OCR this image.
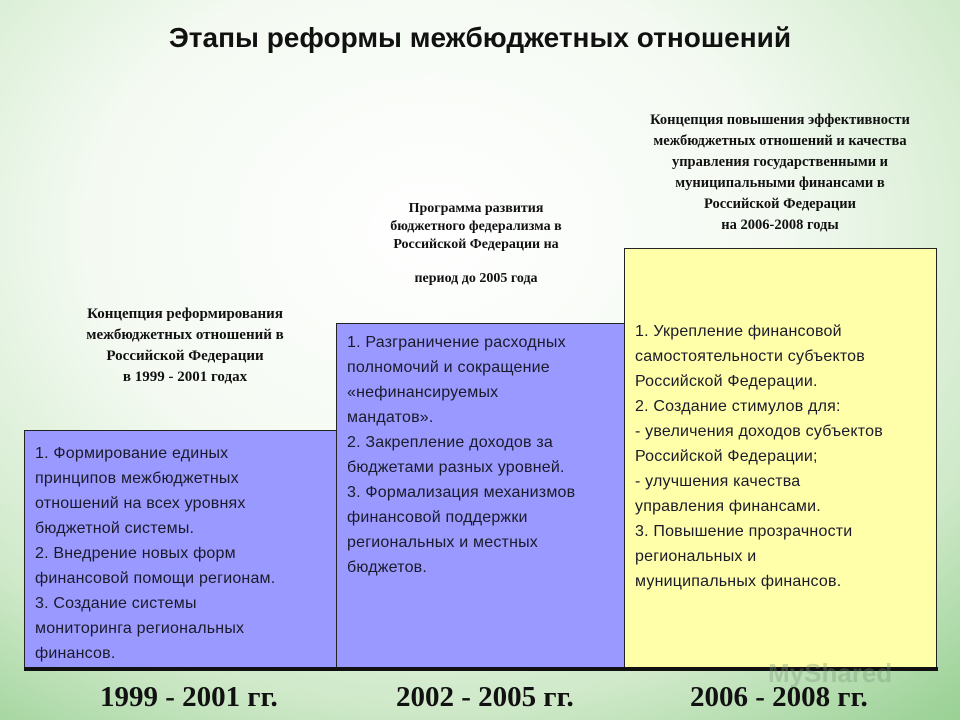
Этапы реформы межбюджетных отношений
Концепция реформирования
межбюджетных отношений в
Российской Федерации
в 1999 - 2001 годах
1. Формирование единых
принципов межбюджетных
отношений на всех уровнях
бюджетной системы.
2. Внедрение новых форм
финансовой помощи регионам.
3. Создание системы
мониторинга региональных
финансов.
Программа развития
бюджетного федерализма в
Российской Федерации на
период до 2005 года
1. Разграничение расходных
полномочий и сокращение
«нефинансируемых
мандатов».
2. Закрепление доходов за
бюджетами разных уровней.
3. Формализация механизмов
финансовой поддержки
региональных и местных
бюджетов.
Концепция повышения эффективности
межбюджетных отношений и качества
управления государственными и
муниципальными финансами в
Российской Федерации
на 2006-2008 годы
1. Укрепление финансовой
самостоятельности субъектов
Российской Федерации.
2. Создание стимулов для:
- увеличения доходов субъектов
Российской Федерации;
- улучшения качества
управления финансами.
3. Повышение прозрачности
региональных и
муниципальных финансов.
MyShared
1999 - 2001 гг.	2002 - 2005 гг.	2006 - 2008 гг.
